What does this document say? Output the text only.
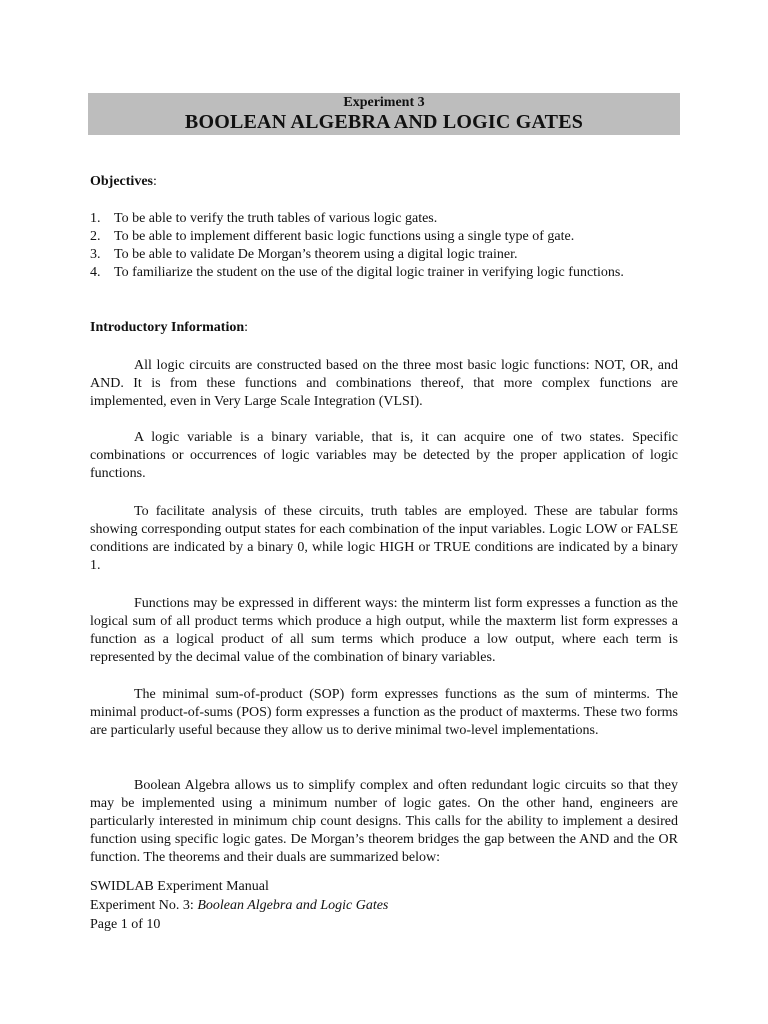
Experiment 3
BOOLEAN ALGEBRA AND LOGIC GATES
Objectives:
1. To be able to verify the truth tables of various logic gates.
2. To be able to implement different basic logic functions using a single type of gate.
3. To be able to validate De Morgan’s theorem using a digital logic trainer.
4. To familiarize the student on the use of the digital logic trainer in verifying logic functions.
Introductory Information:

All logic circuits are constructed based on the three most basic logic functions: NOT, OR, and AND. It is from these functions and combinations thereof, that more complex functions are implemented, even in Very Large Scale Integration (VLSI).

A logic variable is a binary variable, that is, it can acquire one of two states. Specific combinations or occurrences of logic variables may be detected by the proper application of logic functions.

To facilitate analysis of these circuits, truth tables are employed. These are tabular forms showing corresponding output states for each combination of the input variables. Logic LOW or FALSE conditions are indicated by a binary 0, while logic HIGH or TRUE conditions are indicated by a binary 1.

Functions may be expressed in different ways: the minterm list form expresses a function as the logical sum of all product terms which produce a high output, while the maxterm list form expresses a function as a logical product of all sum terms which produce a low output, where each term is represented by the decimal value of the combination of binary variables.

The minimal sum-of-product (SOP) form expresses functions as the sum of minterms. The minimal product-of-sums (POS) form expresses a function as the product of maxterms. These two forms are particularly useful because they allow us to derive minimal two-level implementations.

Boolean Algebra allows us to simplify complex and often redundant logic circuits so that they may be implemented using a minimum number of logic gates. On the other hand, engineers are particularly interested in minimum chip count designs. This calls for the ability to implement a desired function using specific logic gates. De Morgan’s theorem bridges the gap between the AND and the OR function. The theorems and their duals are summarized below:

SWIDLAB Experiment Manual
Experiment No. 3: Boolean Algebra and Logic Gates
Page 1 of 10
